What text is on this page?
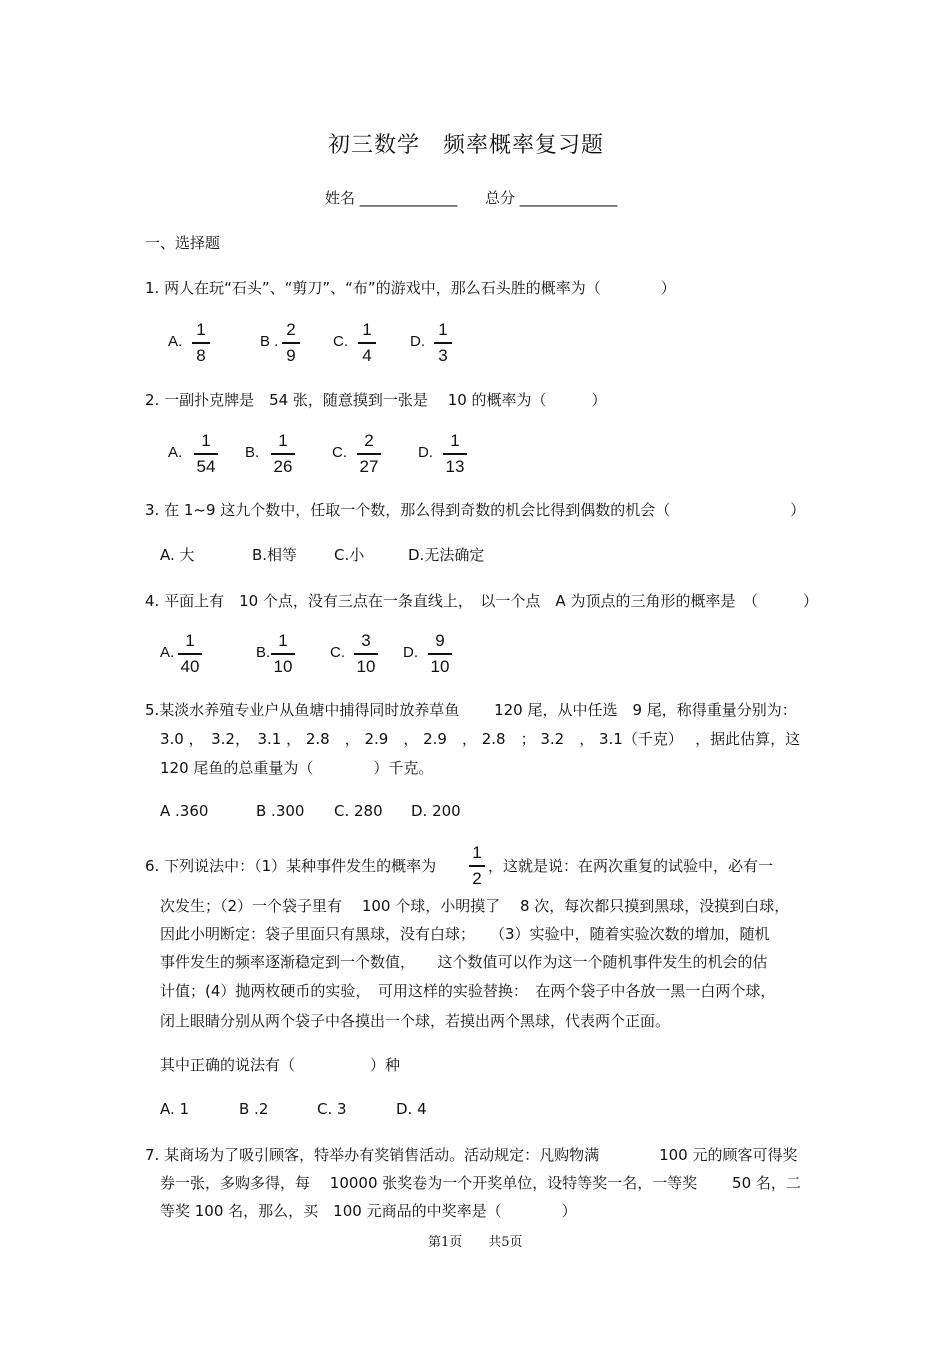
初三数学　频率概率复习题
姓名 _____________ 总分 _____________
一、选择题
1. 两人在玩“石头”、“剪刀”、“布”的游戏中，那么石头胜的概率为（　　　　）
A.
1
8
B .
2
9
C.
1
4
D.
1
3
2. 一副扑克牌是　54 张，随意摸到一张是　 10 的概率为（　　　）
A.
1
54
B.
1
26
C.
2
27
D.
1
13
3. 在 1~9 这九个数中，任取一个数，那么得到奇数的机会比得到偶数的机会（　　　　　　　　）
A. 大	B.相等 C.小	D.无法确定
4. 平面上有　10 个点，没有三点在一条直线上，　以一个点　A 为顶点的三角形的概率是　（　　　）
A.
1
40
B.
1
10
C.
3
10
D.
9
10
5.某淡水养殖专业户从鱼塘中捕得同时放养草鱼　　 120 尾，从中任选　9 尾，称得重量分别为：
3.0 ，　3.2，　3.1 ， 2.8　， 2.9　， 2.9　， 2.8　； 3.2　， 3.1（千克）　 ，据此估算，这
120 尾鱼的总重量为（　　　　）千克。
A .360	B .300 C. 280 D. 200
6. 下列说法中：（1）某种事件发生的概率为
1
2
，这就是说：在两次重复的试验中，必有一
次发生；（2）一个袋子里有　 100 个球，小明摸了　 8 次，每次都只摸到黑球，没摸到白球，
因此小明断定：袋子里面只有黑球，没有白球；　　（3）实验中，随着实验次数的增加，随机
事件发生的频率逐渐稳定到一个数值，　　这个数值可以作为这一个随机事件发生的机会的估
计值；(4）抛两枚硬币的实验，　可用这样的实验替换：　在两个袋子中各放一黑一白两个球，
闭上眼睛分别从两个袋子中各摸出一个球，若摸出两个黑球，代表两个正面。
其中正确的说法有（　　　　　）种
A. 1	B .2	C. 3	D. 4
7. 某商场为了吸引顾客，特举办有奖销售活动。活动规定：凡购物满　　　　100 元的顾客可得奖
券一张，多购多得，每　 10000 张奖卷为一个开奖单位，设特等奖一名，一等奖　　 50 名，二
等奖 100 名，那么，买　100 元商品的中奖率是（　　　　）
第1页　　共5页
